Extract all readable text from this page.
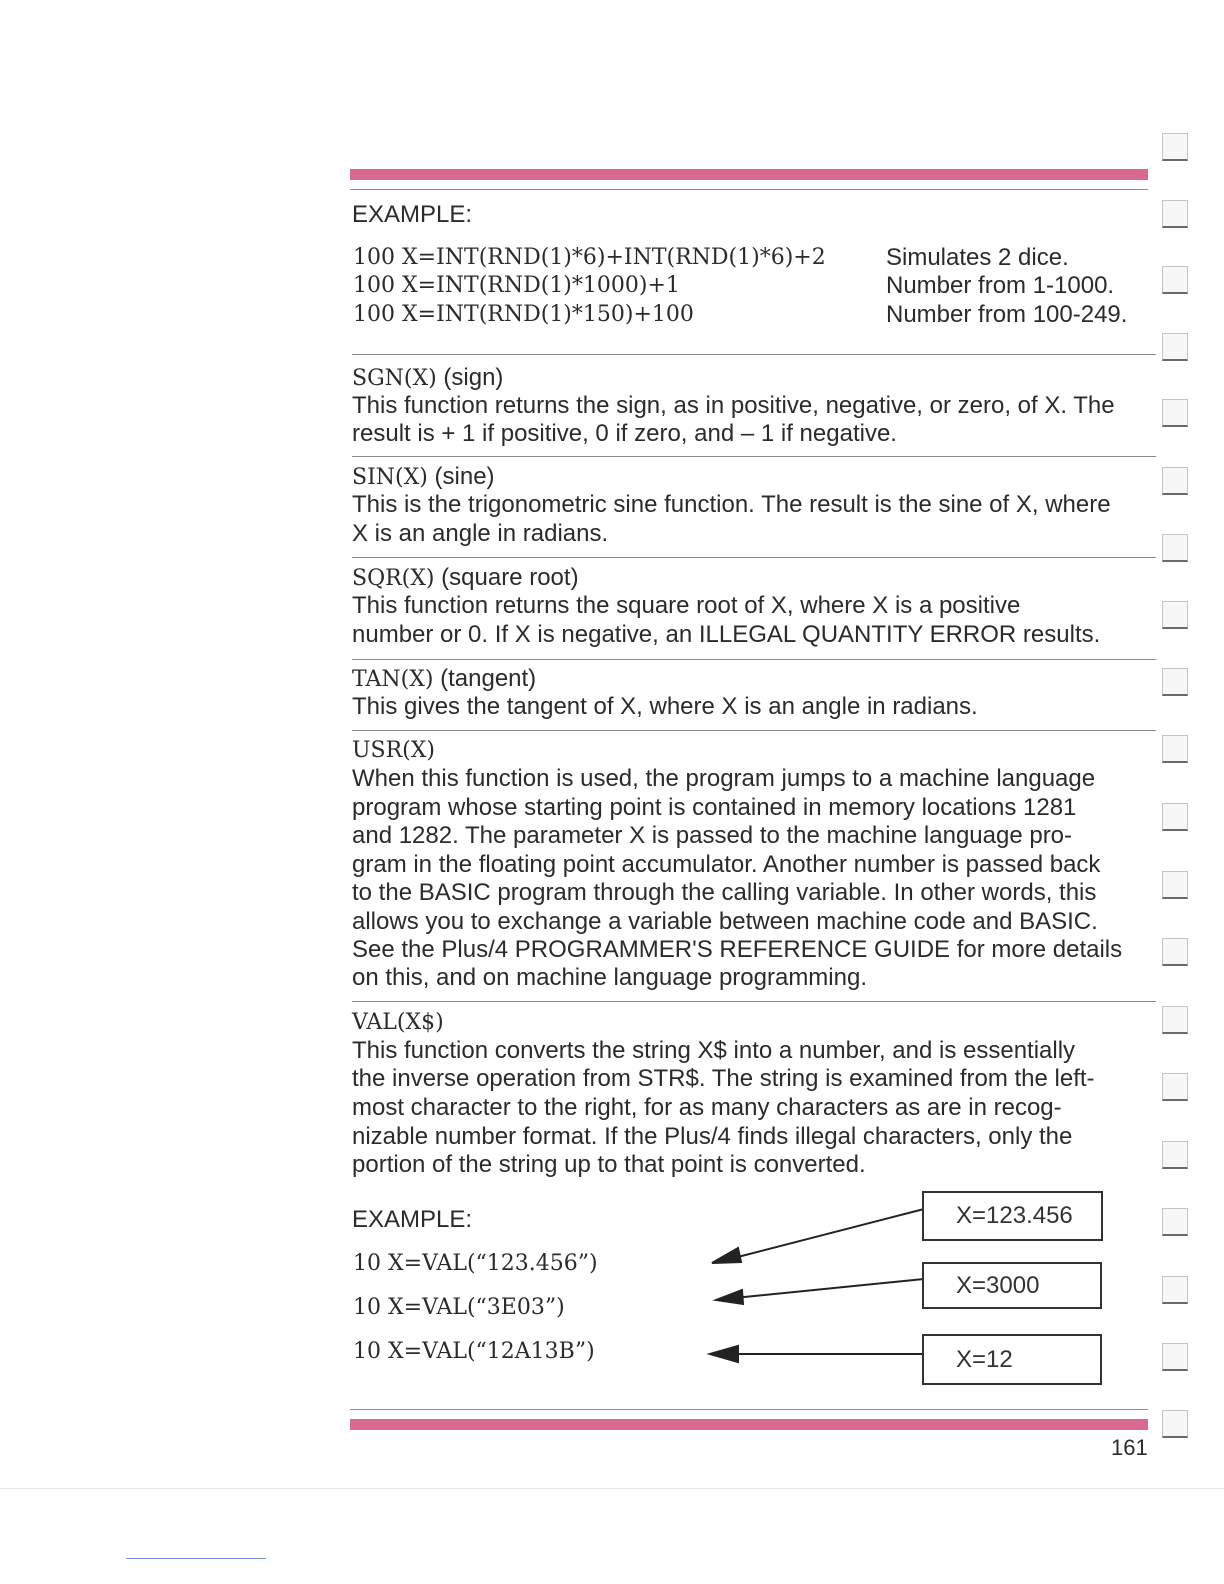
EXAMPLE:
100 X=INT(RND(1)*6)+INT(RND(1)*6)+2
100 X=INT(RND(1)*1000)+1
100 X=INT(RND(1)*150)+100
Simulates 2 dice.
Number from 1-1000.
Number from 100-249.
SGN(X) (sign)
This function returns the sign, as in positive, negative, or zero, of X. The
result is + 1 if positive, 0 if zero, and – 1 if negative.
SIN(X) (sine)
This is the trigonometric sine function. The result is the sine of X, where
X is an angle in radians.
SQR(X) (square root)
This function returns the square root of X, where X is a positive
number or 0. If X is negative, an ILLEGAL QUANTITY ERROR results.
TAN(X) (tangent)
This gives the tangent of X, where X is an angle in radians.
USR(X)
When this function is used, the program jumps to a machine language
program whose starting point is contained in memory locations 1281
and 1282. The parameter X is passed to the machine language pro-
gram in the floating point accumulator. Another number is passed back
to the BASIC program through the calling variable. In other words, this
allows you to exchange a variable between machine code and BASIC.
See the Plus/4 PROGRAMMER'S REFERENCE GUIDE for more details
on this, and on machine language programming.
VAL(X$)
This function converts the string X$ into a number, and is essentially
the inverse operation from STR$. The string is examined from the left-
most character to the right, for as many characters as are in recog-
nizable number format. If the Plus/4 finds illegal characters, only the
portion of the string up to that point is converted.
EXAMPLE:
10 X=VAL(“123.456”)
10 X=VAL(“3E03”)
10 X=VAL(“12A13B”)
X=123.456
X=3000
X=12
161
